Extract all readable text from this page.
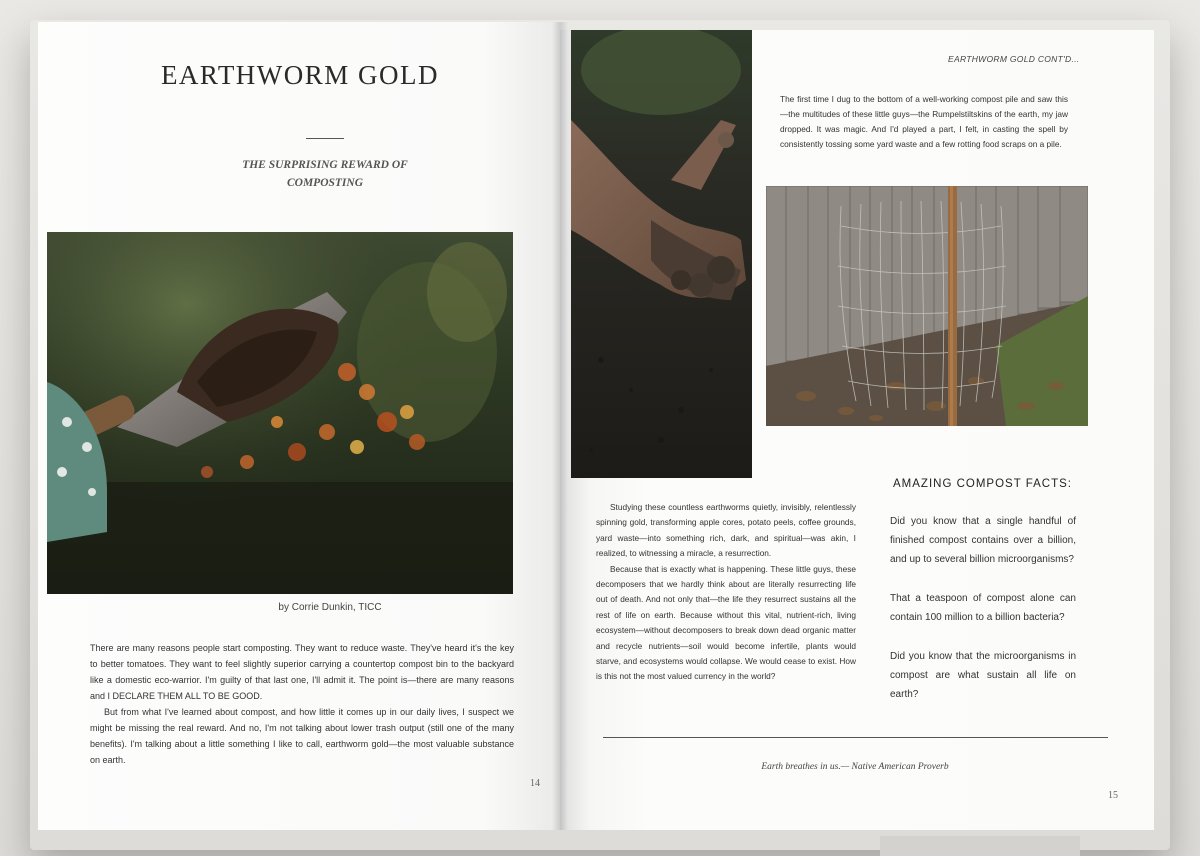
EARTHWORM GOLD
THE SURPRISING REWARD OF COMPOSTING
by Corrie Dunkin, TICC

There are many reasons people start composting. They want to reduce waste. They've heard it's the key to better tomatoes. They want to feel slightly superior carrying a countertop compost bin to the backyard like a domestic eco-warrior. I'm guilty of that last one, I'll admit it. The point is—there are many reasons and I DECLARE THEM ALL TO BE GOOD.

But from what I've learned about compost, and how little it comes up in our daily lives, I suspect we might be missing the real reward. And no, I'm not talking about lower trash output (still one of the many benefits). I'm talking about a little something I like to call, earthworm gold—the most valuable substance on earth.

14
EARTHWORM GOLD CONT'D...
The first time I dug to the bottom of a well-working compost pile and saw this—the multitudes of these little guys—the Rumpelstiltskins of the earth, my jaw dropped. It was magic. And I'd played a part, I felt, in casting the spell by consistently tossing some yard waste and a few rotting food scraps on a pile.

Studying these countless earthworms quietly, invisibly, relentlessly spinning gold, transforming apple cores, potato peels, coffee grounds, yard waste—into something rich, dark, and spiritual—was akin, I realized, to witnessing a miracle, a resurrection.

Because that is exactly what is happening. These little guys, these decomposers that we hardly think about are literally resurrecting life out of death. And not only that—the life they resurrect sustains all the rest of life on earth. Because without this vital, nutrient-rich, living ecosystem—without decomposers to break down dead organic matter and recycle nutrients—soil would become infertile, plants would starve, and ecosystems would collapse. We would cease to exist. How is this not the most valued currency in the world?

AMAZING COMPOST FACTS:

Did you know that a single handful of finished compost contains over a billion, and up to several billion microorganisms?

That a teaspoon of compost alone can contain 100 million to a billion bacteria?

Did you know that the microorganisms in compost are what sustain all life on earth?

Earth breathes in us.— Native American Proverb
15
